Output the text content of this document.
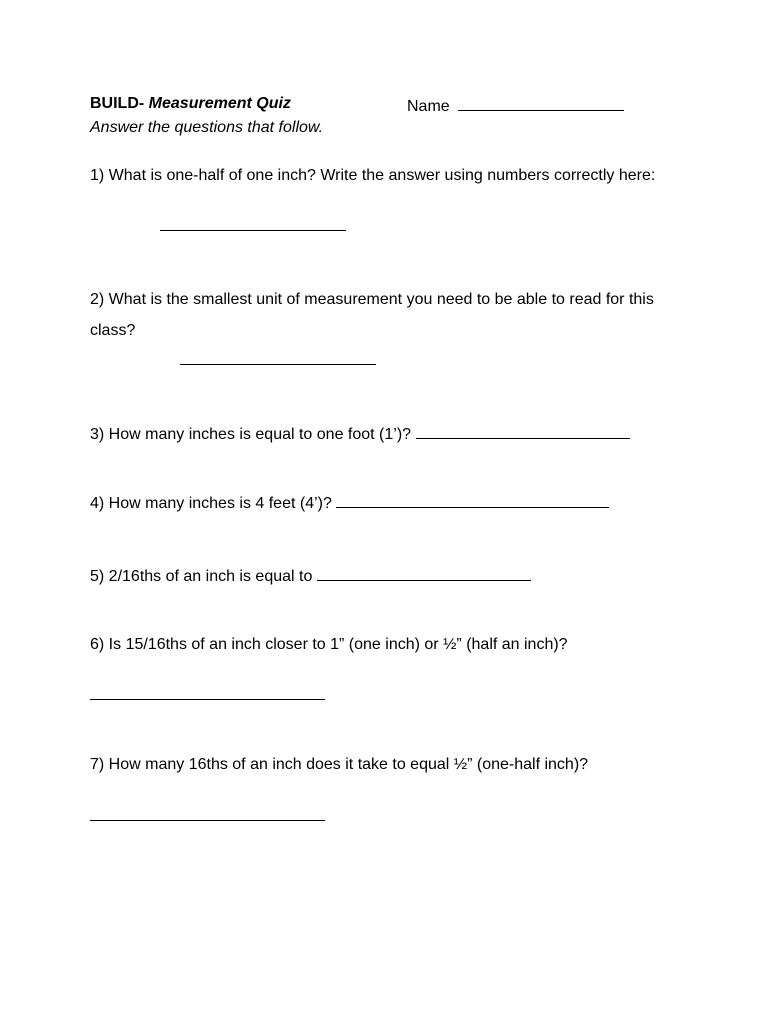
BUILD- Measurement Quiz	Name
Answer the questions that follow.
1) What is one-half of one inch? Write the answer using numbers correctly here:
2) What is the smallest unit of measurement you need to be able to read for this class?
3) How many inches is equal to one foot (1’)?
4) How many inches is 4 feet (4’)?
5) 2/16ths of an inch is equal to
6) Is 15/16ths of an inch closer to 1” (one inch) or ½” (half an inch)?
7) How many 16ths of an inch does it take to equal ½” (one-half inch)?
